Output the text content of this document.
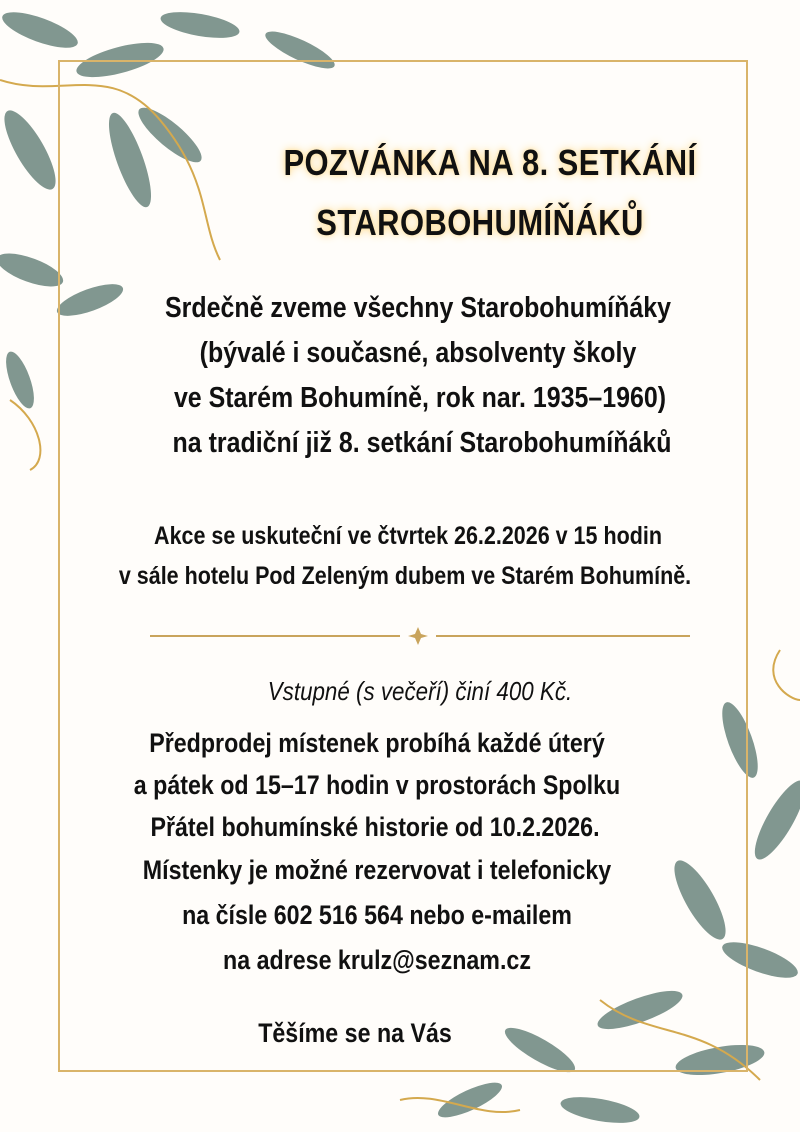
POZVÁNKA NA 8. SETKÁNÍ
STAROBOHUMÍŇÁKŮ
Srdečně zveme všechny Starobohumíňáky
(bývalé i současné, absolventy školy
ve Starém Bohumíně, rok nar. 1935–1960)
na tradiční již 8. setkání Starobohumíňáků
Akce se uskuteční ve čtvrtek 26.2.2026 v 15 hodin
v sále hotelu Pod Zeleným dubem ve Starém Bohumíně.
Vstupné (s večeří) činí 400 Kč.
Předprodej místenek probíhá každé úterý
a pátek od 15–17 hodin v prostorách Spolku
Přátel bohumínské historie od 10.2.2026.
Místenky je možné rezervovat i telefonicky
na čísle 602 516 564 nebo e-mailem
na adrese krulz@seznam.cz
Těšíme se na Vás
